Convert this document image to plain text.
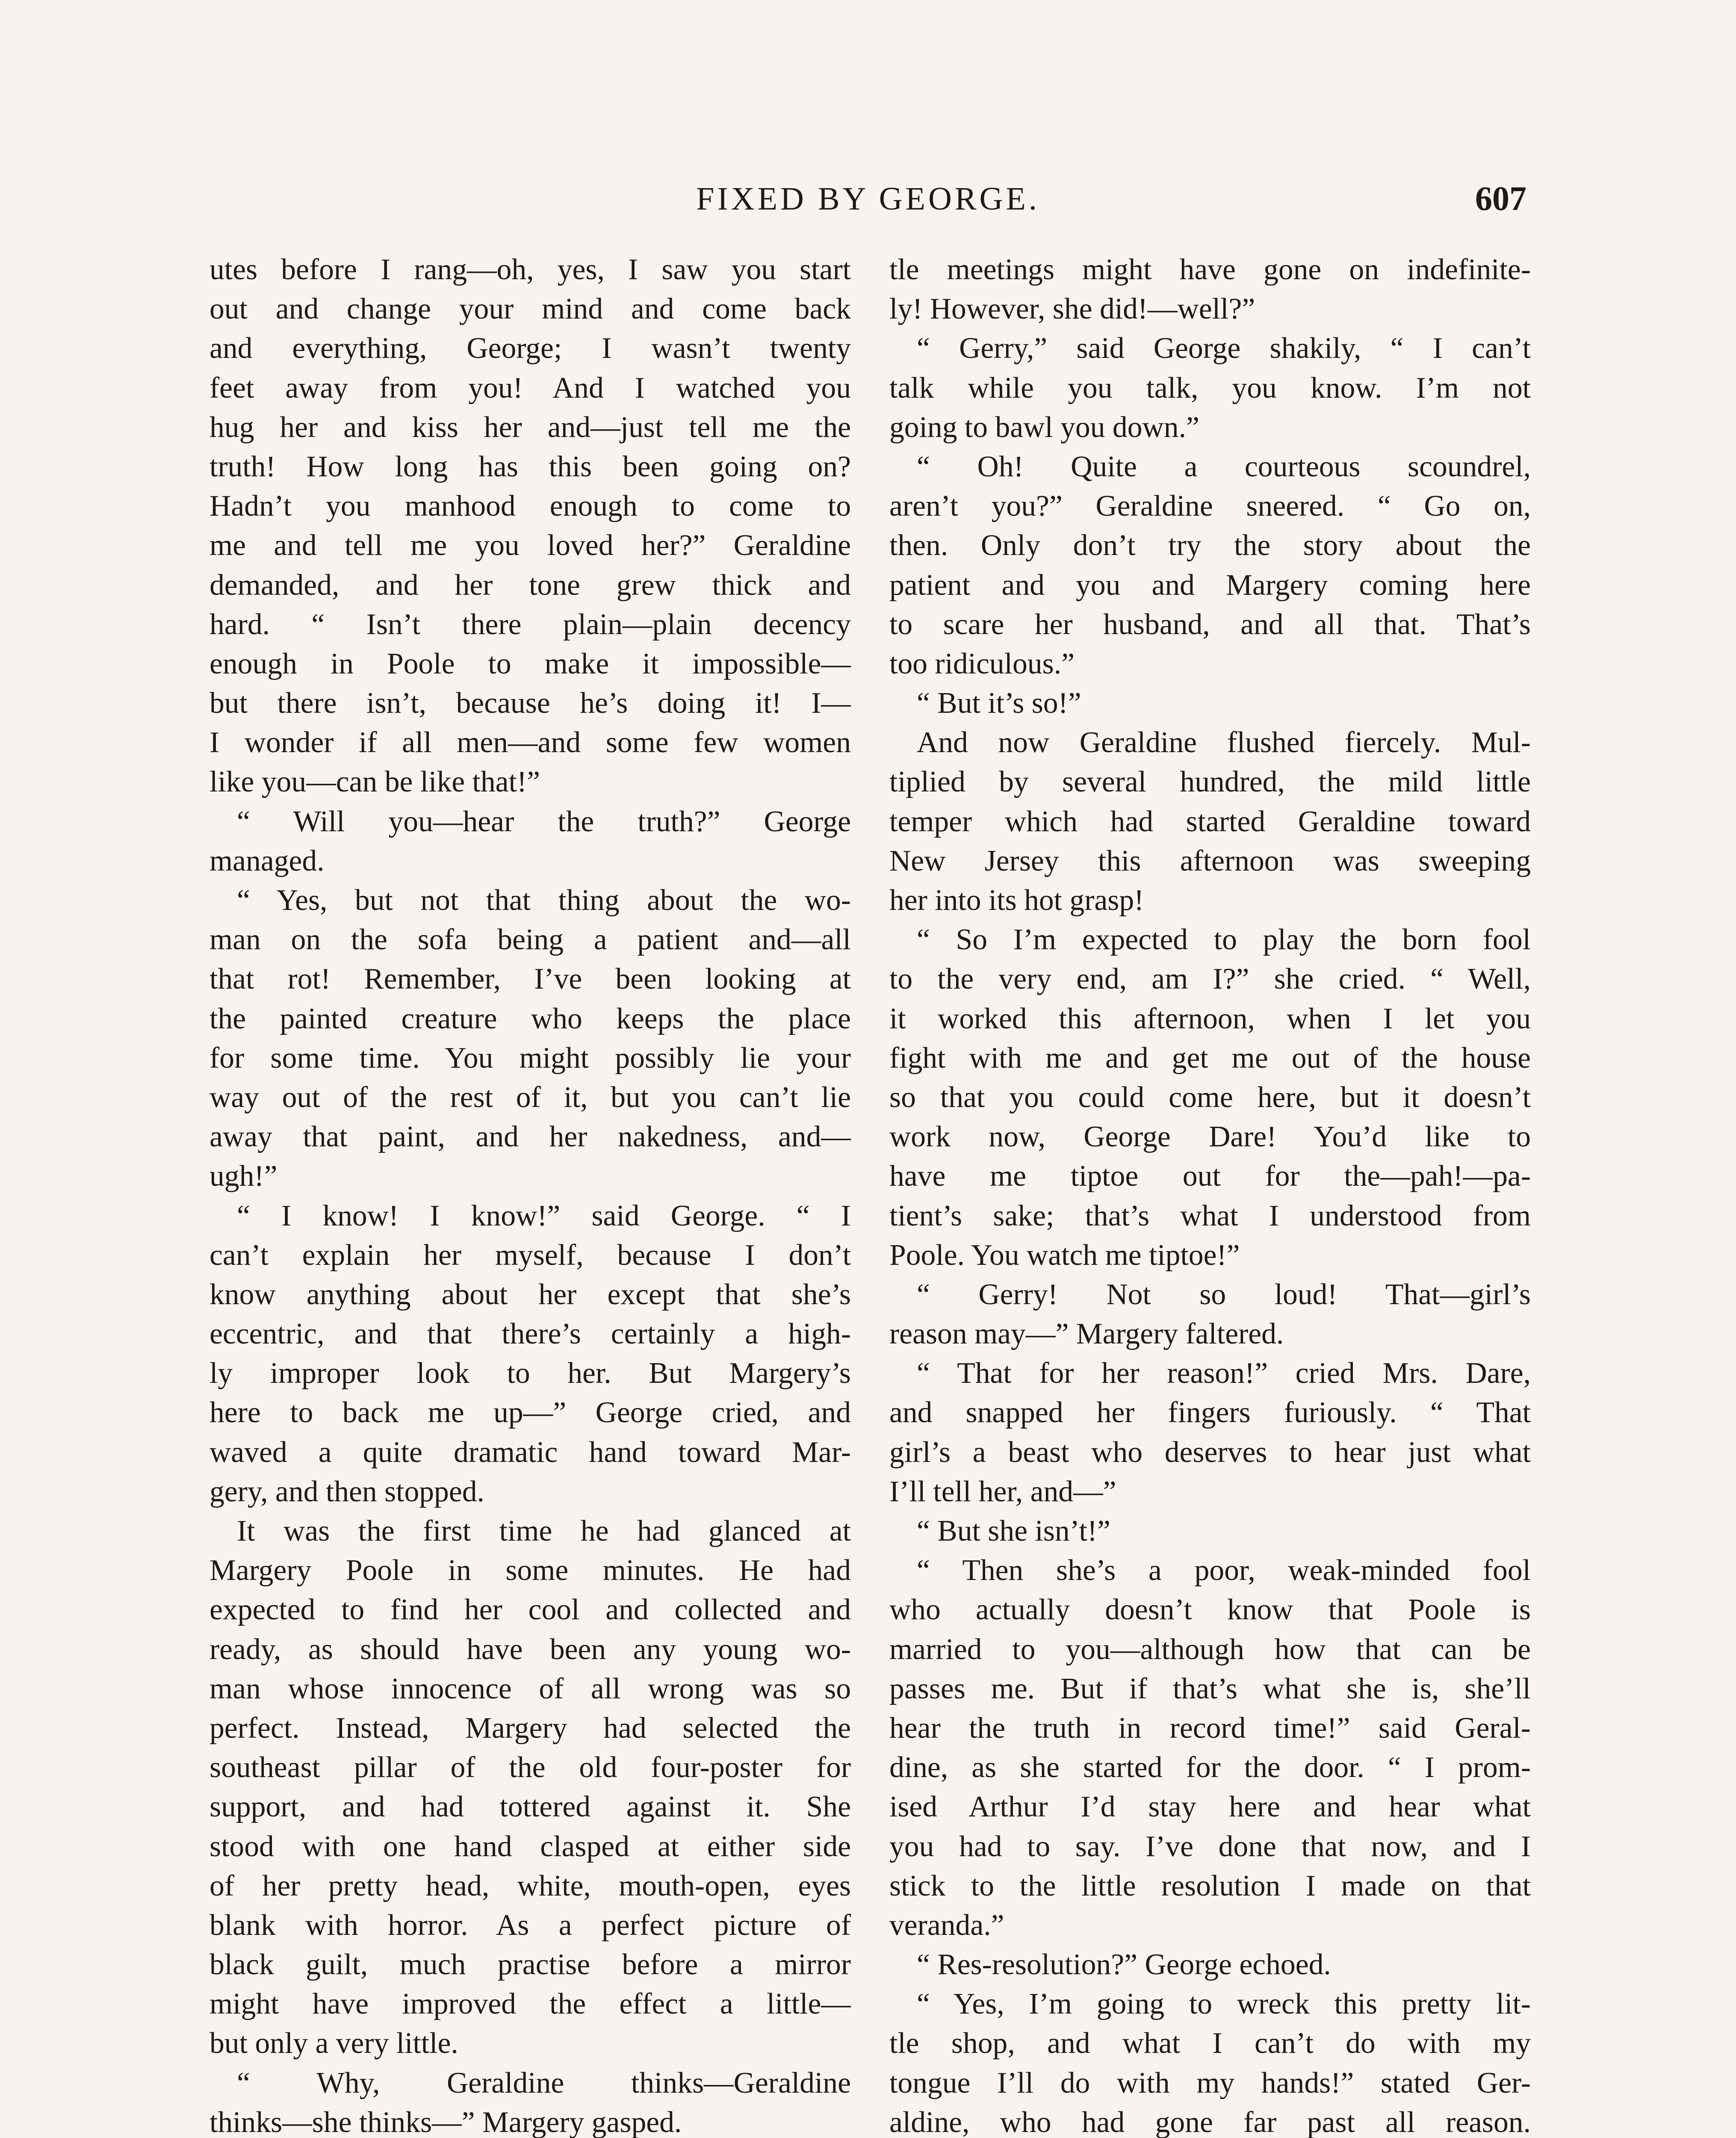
FIXED BY GEORGE.	607
utes before I rang—oh, yes, I saw you start
out and change your mind and come back
and everything, George; I wasn’t twenty
feet away from you! And I watched you
hug her and kiss her and—just tell me the
truth! How long has this been going on?
Hadn’t you manhood enough to come to
me and tell me you loved her?” Geraldine
demanded, and her tone grew thick and
hard. “ Isn’t there plain—plain decency
enough in Poole to make it impossible—
but there isn’t, because he’s doing it! I—
I wonder if all men—and some few women
like you—can be like that!”
“ Will you—hear the truth?” George
managed.
“ Yes, but not that thing about the wo-
man on the sofa being a patient and—all
that rot! Remember, I’ve been looking at
the painted creature who keeps the place
for some time. You might possibly lie your
way out of the rest of it, but you can’t lie
away that paint, and her nakedness, and—
ugh!”
“ I know! I know!” said George. “ I
can’t explain her myself, because I don’t
know anything about her except that she’s
eccentric, and that there’s certainly a high-
ly improper look to her. But Margery’s
here to back me up—” George cried, and
waved a quite dramatic hand toward Mar-
gery, and then stopped.
It was the first time he had glanced at
Margery Poole in some minutes. He had
expected to find her cool and collected and
ready, as should have been any young wo-
man whose innocence of all wrong was so
perfect. Instead, Margery had selected the
southeast pillar of the old four-poster for
support, and had tottered against it. She
stood with one hand clasped at either side
of her pretty head, white, mouth-open, eyes
blank with horror. As a perfect picture of
black guilt, much practise before a mirror
might have improved the effect a little—
but only a very little.
“ Why, Geraldine thinks—Geraldine
thinks—she thinks—” Margery gasped.
tle meetings might have gone on indefinite-
ly! However, she did!—well?”
“ Gerry,” said George shakily, “ I can’t
talk while you talk, you know. I’m not
going to bawl you down.”
“ Oh! Quite a courteous scoundrel,
aren’t you?” Geraldine sneered. “ Go on,
then. Only don’t try the story about the
patient and you and Margery coming here
to scare her husband, and all that. That’s
too ridiculous.”
“ But it’s so!”
And now Geraldine flushed fiercely. Mul-
tiplied by several hundred, the mild little
temper which had started Geraldine toward
New Jersey this afternoon was sweeping
her into its hot grasp!
“ So I’m expected to play the born fool
to the very end, am I?” she cried. “ Well,
it worked this afternoon, when I let you
fight with me and get me out of the house
so that you could come here, but it doesn’t
work now, George Dare! You’d like to
have me tiptoe out for the—pah!—pa-
tient’s sake; that’s what I understood from
Poole. You watch me tiptoe!”
“ Gerry! Not so loud! That—girl’s
reason may—” Margery faltered.
“ That for her reason!” cried Mrs. Dare,
and snapped her fingers furiously. “ That
girl’s a beast who deserves to hear just what
I’ll tell her, and—”
“ But she isn’t!”
“ Then she’s a poor, weak-minded fool
who actually doesn’t know that Poole is
married to you—although how that can be
passes me. But if that’s what she is, she’ll
hear the truth in record time!” said Geral-
dine, as she started for the door. “ I prom-
ised Arthur I’d stay here and hear what
you had to say. I’ve done that now, and I
stick to the little resolution I made on that
veranda.”
“ Res-resolution?” George echoed.
“ Yes, I’m going to wreck this pretty lit-
tle shop, and what I can’t do with my
tongue I’ll do with my hands!” stated Ger-
aldine, who had gone far past all reason.
